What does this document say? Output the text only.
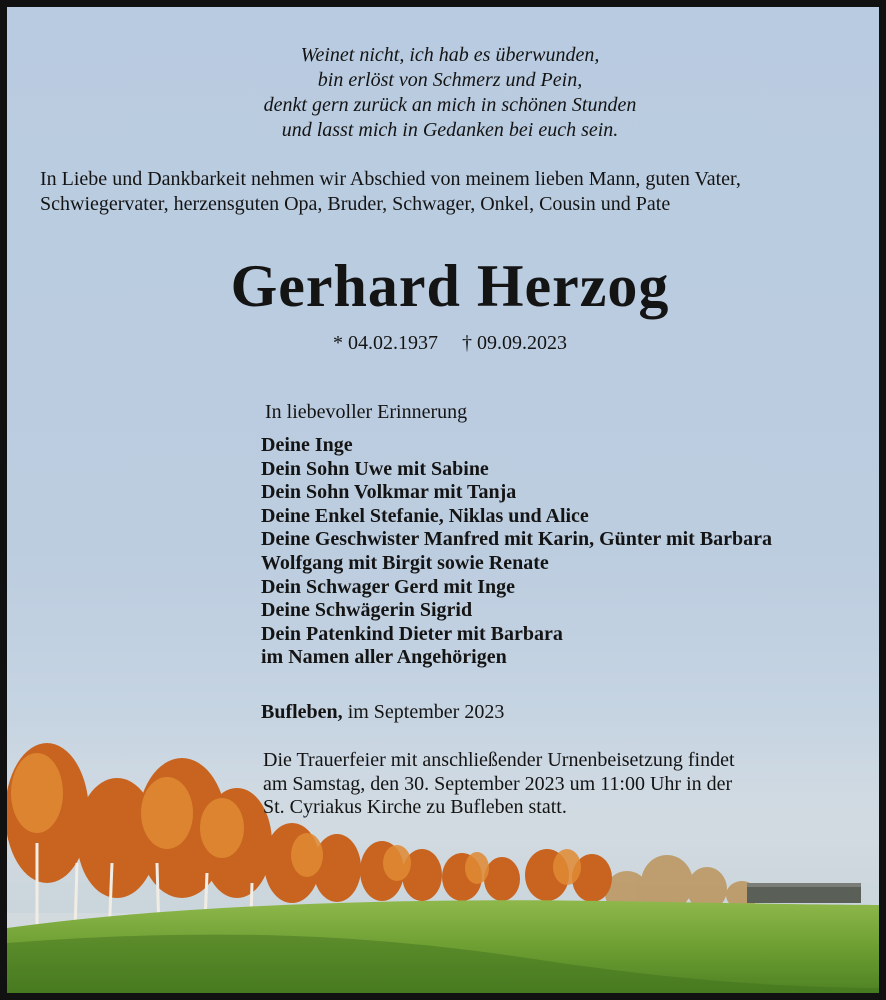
Weinet nicht, ich hab es überwunden,
bin erlöst von Schmerz und Pein,
denkt gern zurück an mich in schönen Stunden
und lasst mich in Gedanken bei euch sein.
In Liebe und Dankbarkeit nehmen wir Abschied von meinem lieben Mann, guten Vater,
Schwiegervater, herzensguten Opa, Bruder, Schwager, Onkel, Cousin und Pate
Gerhard Herzog
* 04.02.1937 † 09.09.2023
In liebevoller Erinnerung
Deine Inge
Dein Sohn Uwe mit Sabine
Dein Sohn Volkmar mit Tanja
Deine Enkel Stefanie, Niklas und Alice
Deine Geschwister Manfred mit Karin, Günter mit Barbara
Wolfgang mit Birgit sowie Renate
Dein Schwager Gerd mit Inge
Deine Schwägerin Sigrid
Dein Patenkind Dieter mit Barbara
im Namen aller Angehörigen
Bufleben, im September 2023
Die Trauerfeier mit anschließender Urnenbeisetzung findet
am Samstag, den 30. September 2023 um 11:00 Uhr in der
St. Cyriakus Kirche zu Bufleben statt.
